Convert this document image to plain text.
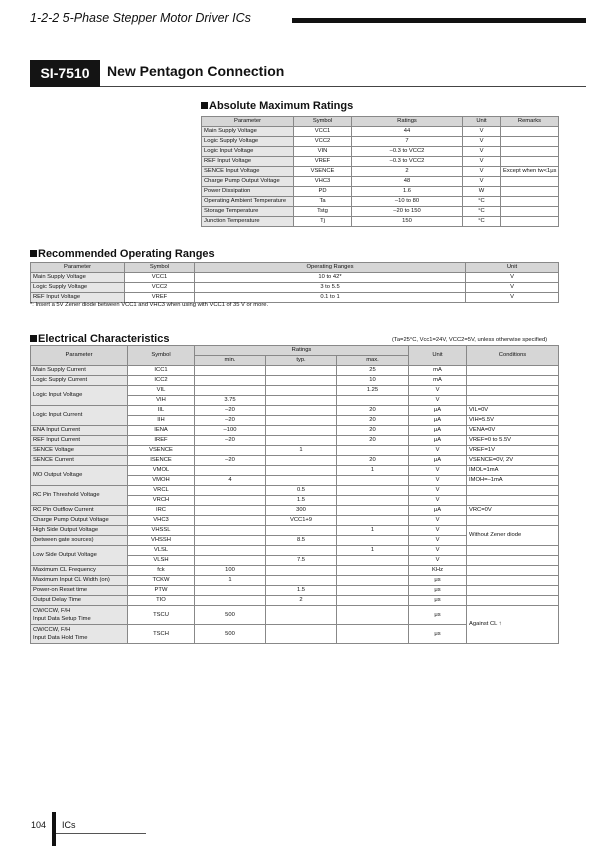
1-2-2 5-Phase Stepper Motor Driver ICs
SI-7510	New Pentagon Connection
Absolute Maximum Ratings
Parameter	Symbol	Ratings	Unit	Remarks
Main Supply Voltage	VCC1	44	V	
Logic Supply Voltage	VCC2	7	V	
Logic Input Voltage	VIN	–0.3 to VCC2	V	
REF Input Voltage	VREF	–0.3 to VCC2	V	
SENCE Input Voltage	VSENCE	2	V	Except when tw<1μs
Charge Pump Output Voltage	VHC3	48	V	
Power Dissipation	PD	1.6	W	
Operating Ambient Temperature	Ta	–10 to 80	°C	
Storage Temperature	Tstg	–20 to 150	°C	
Junction Temperature	Tj	150	°C	
Recommended Operating Ranges
Parameter	Symbol	Operating Ranges	Unit
Main Supply Voltage	VCC1	10 to 42*	V
Logic Supply Voltage	VCC2	3 to 5.5	V
REF Input Voltage	VREF	0.1 to 1	V
*: Insert a 5V Zener diode between VCC1 and VHC3 when using with VCC1 of 35 V or more.
Electrical Characteristics	(Ta=25°C, Vcc1=24V, VCC2=5V, unless otherwise specified)
Parameter	Symbol	Ratings			Unit	Conditions
		min.	typ.	max.		
Main Supply Current	ICC1			25	mA	
Logic Supply Current	ICC2			10	mA	
Logic Input Voltage	VIL			1.25	V	
	VIH	3.75			V	
Logic Input Current	IIL	–20		20	μA	VIL=0V
	IIH	–20		20	μA	VIH=5.5V
ENA Input Current	IENA	–100		20	μA	VENA=0V
REF Input Current	IREF	–20		20	μA	VREF=0 to 5.5V
SENCE Voltage	VSENCE		1		V	VREF=1V
SENCE Current	ISENCE	–20		20	μA	VSENCE=0V, 2V
MO Output Voltage	VMOL			1	V	IMOL=1mA
	VMOH	4			V	IMOH=–1mA
RC Pin Threshold Voltage	VRCL		0.5		V	
	VRCH		1.5		V	
RC Pin Outflow Current	IRC		300		μA	VRC=0V
Charge Pump Output Voltage	VHC3		VCC1+9		V	
High Side Output Voltage	VHSSL			1	V	Without Zener diode
(between gate sources)	VHSSH		8.5		V	
Low Side Output Voltage	VLSL			1	V	
	VLSH		7.5		V	
Maximum CL Frequency	fck	100			KHz	
Maximum Input CL Width (on)	TCKW	1			μs	
Power-on Reset time	PTW		1.5		μs	
Output Delay Time	TIO		2		μs	

CW/CCW, F/H
Input Data Setup Time	TSCU	500			μs	Against CL ↑

CW/CCW, F/H
Input Data Hold Time	TSCH	500			μs	
104 ICs
